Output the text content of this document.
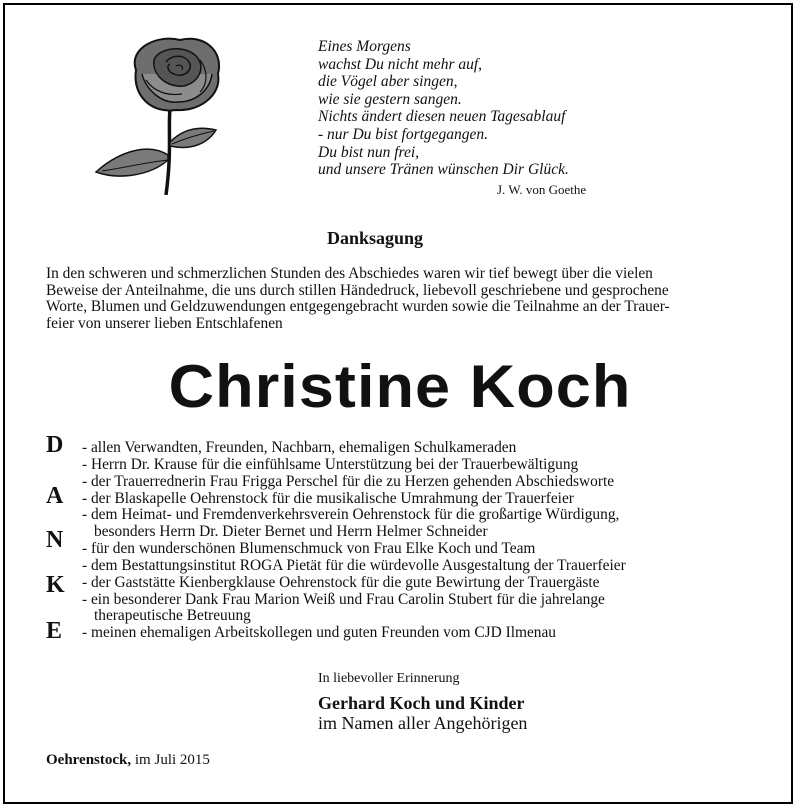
Eines Morgens
wachst Du nicht mehr auf,
die Vögel aber singen,
wie sie gestern sangen.
Nichts ändert diesen neuen Tagesablauf
- nur Du bist fortgegangen.
Du bist nun frei,
und unsere Tränen wünschen Dir Glück.
J. W. von Goethe
Danksagung
In den schweren und schmerzlichen Stunden des Abschiedes waren wir tief bewegt über die vielen
Beweise der Anteilnahme, die uns durch stillen Händedruck, liebevoll geschriebene und gesprochene
Worte, Blumen und Geldzuwendungen entgegengebracht wurden sowie die Teilnahme an der Trauer-
feier von unserer lieben Entschlafenen
Christine Koch
D
A
N
K
E
- allen Verwandten, Freunden, Nachbarn, ehemaligen Schulkameraden
- Herrn Dr. Krause für die einfühlsame Unterstützung bei der Trauerbewältigung
- der Trauerrednerin Frau Frigga Perschel für die zu Herzen gehenden Abschiedsworte
- der Blaskapelle Oehrenstock für die musikalische Umrahmung der Trauerfeier
- dem Heimat- und Fremdenverkehrsverein Oehrenstock für die großartige Würdigung,
besonders Herrn Dr. Dieter Bernet und Herrn Helmer Schneider
- für den wunderschönen Blumenschmuck von Frau Elke Koch und Team
- dem Bestattungsinstitut ROGA Pietät für die würdevolle Ausgestaltung der Trauerfeier
- der Gaststätte Kienbergklause Oehrenstock für die gute Bewirtung der Trauergäste
- ein besonderer Dank Frau Marion Weiß und Frau Carolin Stubert für die jahrelange
therapeutische Betreuung
- meinen ehemaligen Arbeitskollegen und guten Freunden vom CJD Ilmenau
In liebevoller Erinnerung
Gerhard Koch und Kinder
im Namen aller Angehörigen
Oehrenstock, im Juli 2015
